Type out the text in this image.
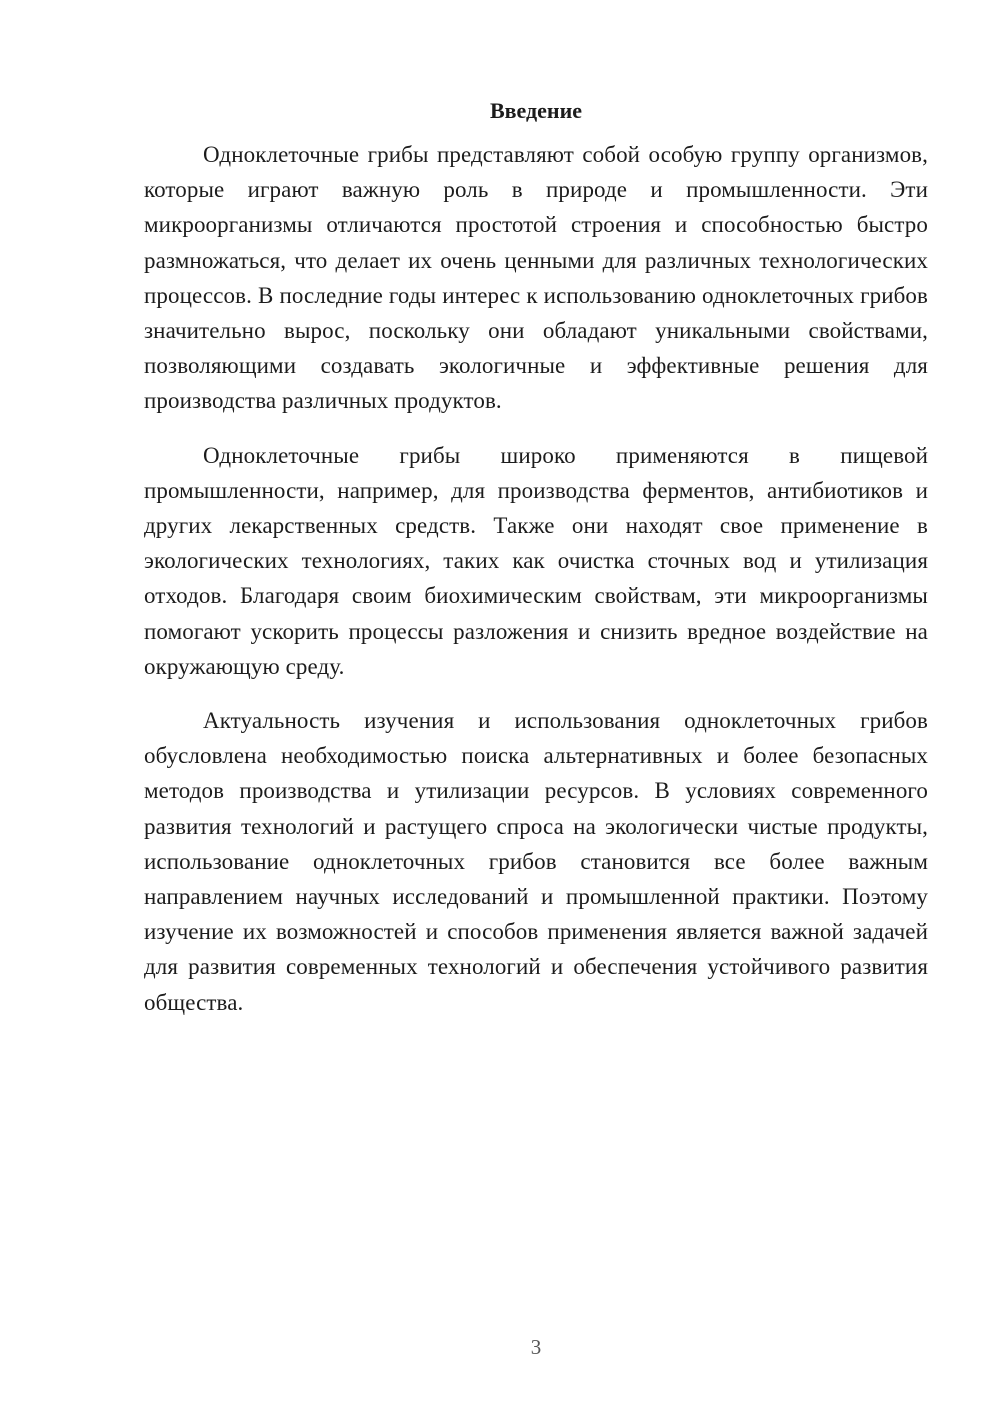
Введение

Одноклеточные грибы представляют собой особую группу организмов, которые играют важную роль в природе и промышленности. Эти микроорганизмы отличаются простотой строения и способностью быстро размножаться, что делает их очень ценными для различных технологических процессов. В последние годы интерес к использованию одноклеточных грибов значительно вырос, поскольку они обладают уникальными свойствами, позволяющими создавать экологичные и эффективные решения для производства различных продуктов.

Одноклеточные грибы широко применяются в пищевой промышленности, например, для производства ферментов, антибиотиков и других лекарственных средств. Также они находят свое применение в экологических технологиях, таких как очистка сточных вод и утилизация отходов. Благодаря своим биохимическим свойствам, эти микроорганизмы помогают ускорить процессы разложения и снизить вредное воздействие на окружающую среду.

Актуальность изучения и использования одноклеточных грибов обусловлена необходимостью поиска альтернативных и более безопасных методов производства и утилизации ресурсов. В условиях современного развития технологий и растущего спроса на экологически чистые продукты, использование одноклеточных грибов становится все более важным направлением научных исследований и промышленной практики. Поэтому изучение их возможностей и способов применения является важной задачей для развития современных технологий и обеспечения устойчивого развития общества.

3
